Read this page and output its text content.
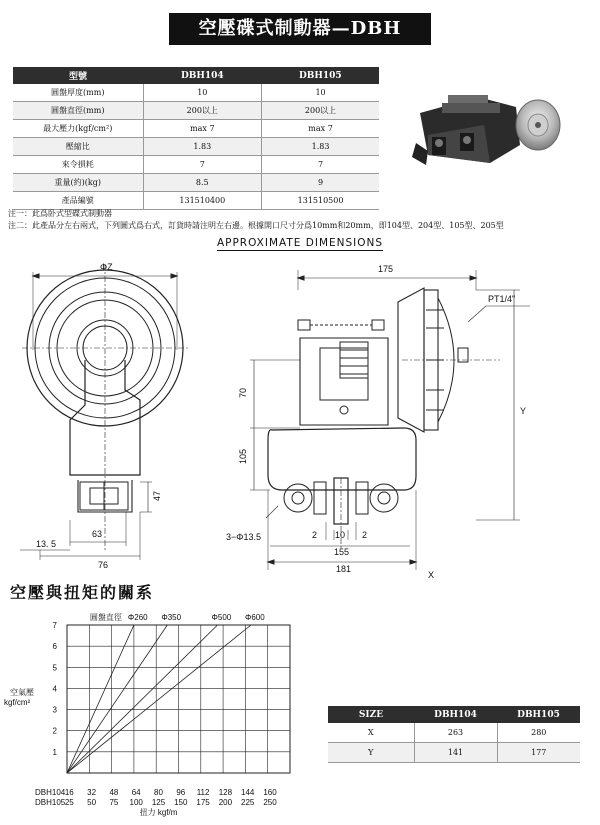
空壓碟式制動器—DBH
型號	DBH104	DBH105
圓盤厚度(mm)	10	10
圓盤直徑(mm)	200以上	200以上
最大壓力(kgf/cm²)	max 7	max 7
壓縮比	1.83	1.83
來令損耗	7	7
重量(約)(kg)	8.5	9
產品編號	131510400	131510500
注一：此爲卧式型碟式制動器
注二：此產品分左右兩式，下列圖式爲右式，訂貨時請注明左右邊。根據開口尺寸分爲10mm和20mm，即104型、204型、105型、205型
APPROXIMATE DIMENSIONS
ΦZ
47
63
13. 5
76
175
PT1/4"
70
105
Y
X
3−Φ13.5	2 10 2
155
181
空壓與扭矩的關系
1
2
3
4
5
6
7
Φ260 Φ350	Φ500 Φ600
圓盤直徑
DBH104
DBH105
16 32 48 64 80 96 112 128 144 160
25 50 75 100 125 150 175 200 225 250
空氣壓
kgf/cm²
扭力 kgf/m
SIZE	DBH104	DBH105
X	263	280
Y	141	177
